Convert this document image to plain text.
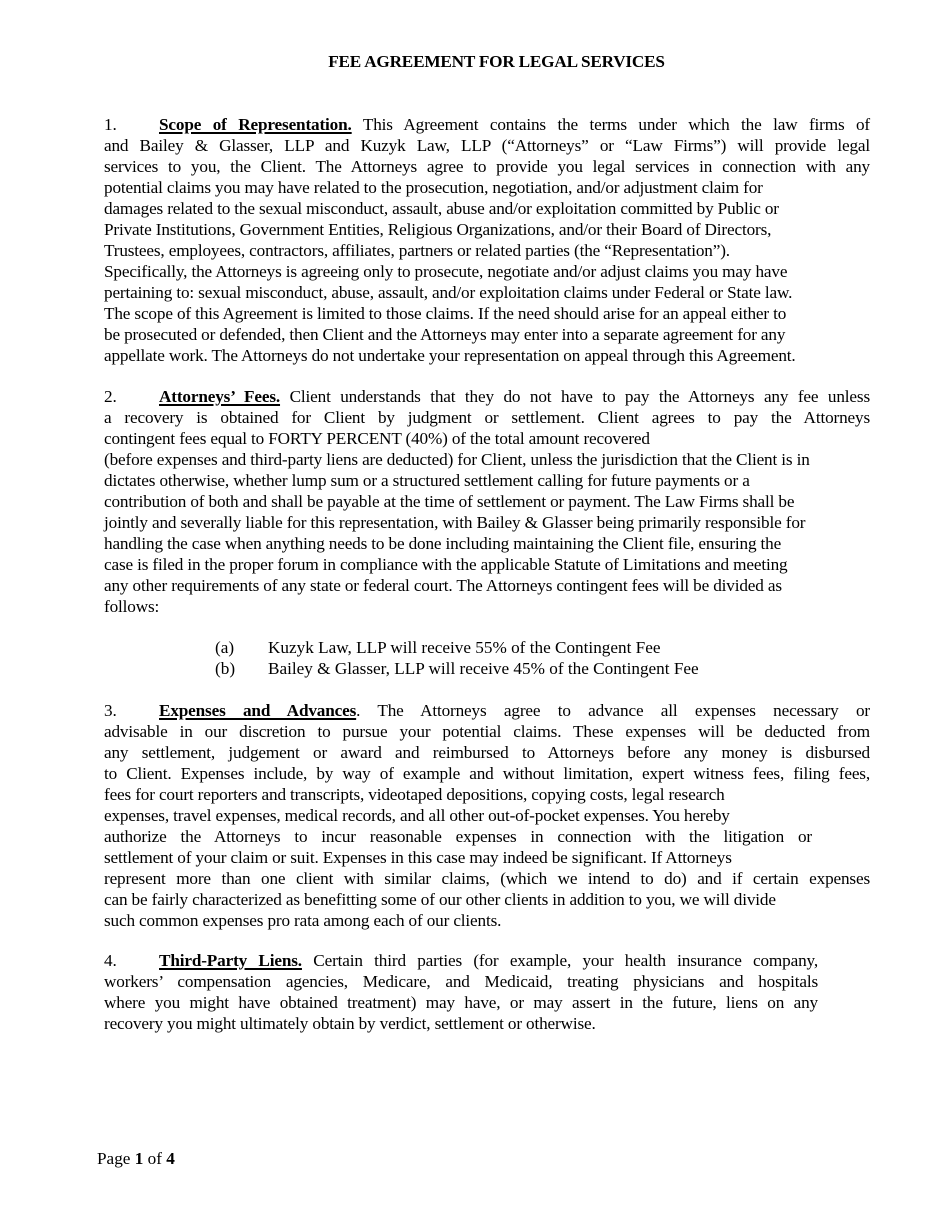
FEE AGREEMENT FOR LEGAL SERVICES
1. Scope of Representation. This Agreement contains the terms under which the law firms of
and Bailey & Glasser, LLP and Kuzyk Law, LLP (“Attorneys” or “Law Firms”) will provide legal
services to you, the Client. The Attorneys agree to provide you legal services in connection with any
potential claims you may have related to the prosecution, negotiation, and/or adjustment claim for
damages related to the sexual misconduct, assault, abuse and/or exploitation committed by Public or
Private Institutions, Government Entities, Religious Organizations, and/or their Board of Directors,
Trustees, employees, contractors, affiliates, partners or related parties (the “Representation”).
Specifically, the Attorneys is agreeing only to prosecute, negotiate and/or adjust claims you may have
pertaining to: sexual misconduct, abuse, assault, and/or exploitation claims under Federal or State law.
The scope of this Agreement is limited to those claims. If the need should arise for an appeal either to
be prosecuted or defended, then Client and the Attorneys may enter into a separate agreement for any
appellate work. The Attorneys do not undertake your representation on appeal through this Agreement.
2. Attorneys’ Fees. Client understands that they do not have to pay the Attorneys any fee unless
a recovery is obtained for Client by judgment or settlement. Client agrees to pay the Attorneys
contingent fees equal to FORTY PERCENT (40%) of the total amount recovered
(before expenses and third-party liens are deducted) for Client, unless the jurisdiction that the Client is in
dictates otherwise, whether lump sum or a structured settlement calling for future payments or a
contribution of both and shall be payable at the time of settlement or payment. The Law Firms shall be
jointly and severally liable for this representation, with Bailey & Glasser being primarily responsible for
handling the case when anything needs to be done including maintaining the Client file, ensuring the
case is filed in the proper forum in compliance with the applicable Statute of Limitations and meeting
any other requirements of any state or federal court. The Attorneys contingent fees will be divided as
follows:
(a) Kuzyk Law, LLP will receive 55% of the Contingent Fee
(b) Bailey & Glasser, LLP will receive 45% of the Contingent Fee
3. Expenses and Advances. The Attorneys agree to advance all expenses necessary or
advisable in our discretion to pursue your potential claims. These expenses will be deducted from
any settlement, judgement or award and reimbursed to Attorneys before any money is disbursed
to Client. Expenses include, by way of example and without limitation, expert witness fees, filing fees,
fees for court reporters and transcripts, videotaped depositions, copying costs, legal research
expenses, travel expenses, medical records, and all other out-of-pocket expenses. You hereby
authorize the Attorneys to incur reasonable expenses in connection with the litigation or
settlement of your claim or suit. Expenses in this case may indeed be significant. If Attorneys
represent more than one client with similar claims, (which we intend to do) and if certain expenses
can be fairly characterized as benefitting some of our other clients in addition to you, we will divide
such common expenses pro rata among each of our clients.
4. Third-Party Liens. Certain third parties (for example, your health insurance company,
workers’ compensation agencies, Medicare, and Medicaid, treating physicians and hospitals
where you might have obtained treatment) may have, or may assert in the future, liens on any
recovery you might ultimately obtain by verdict, settlement or otherwise.
Page 1 of 4
